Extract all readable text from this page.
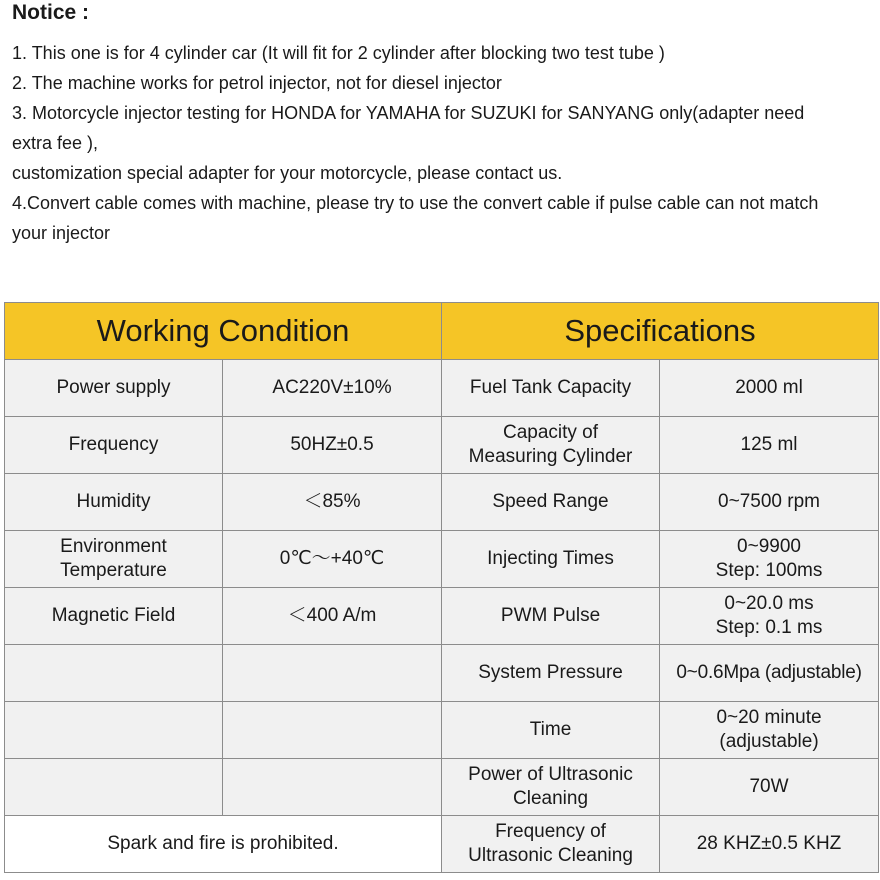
Notice :
1. This one is for 4 cylinder car (It will fit for 2 cylinder after blocking two test tube )
2. The machine works for petrol injector, not for diesel injector
3. Motorcycle injector testing for HONDA for YAMAHA for SUZUKI for SANYANG only(adapter need
extra fee ),
customization special adapter for your motorcycle, please contact us.
4.Convert cable comes with machine, please try to use the convert cable if pulse cable can not match
your injector
Working Condition		Specifications	
Power supply	AC220V±10%	Fuel Tank Capacity	2000 ml
Frequency	50HZ±0.5	Capacity of
Measuring Cylinder	125 ml
Humidity	＜85%	Speed Range	0~7500 rpm
Environment
Temperature	0℃～+40℃	Injecting Times	0~9900
Step: 100ms
Magnetic Field	＜400 A/m	PWM Pulse	0~20.0 ms
Step: 0.1 ms
		System Pressure	0~0.6Mpa (adjustable)
		Time	0~20 minute
(adjustable)
		Power of Ultrasonic
Cleaning	70W
Spark and fire is prohibited.		Frequency of
Ultrasonic Cleaning	28 KHZ±0.5 KHZ
